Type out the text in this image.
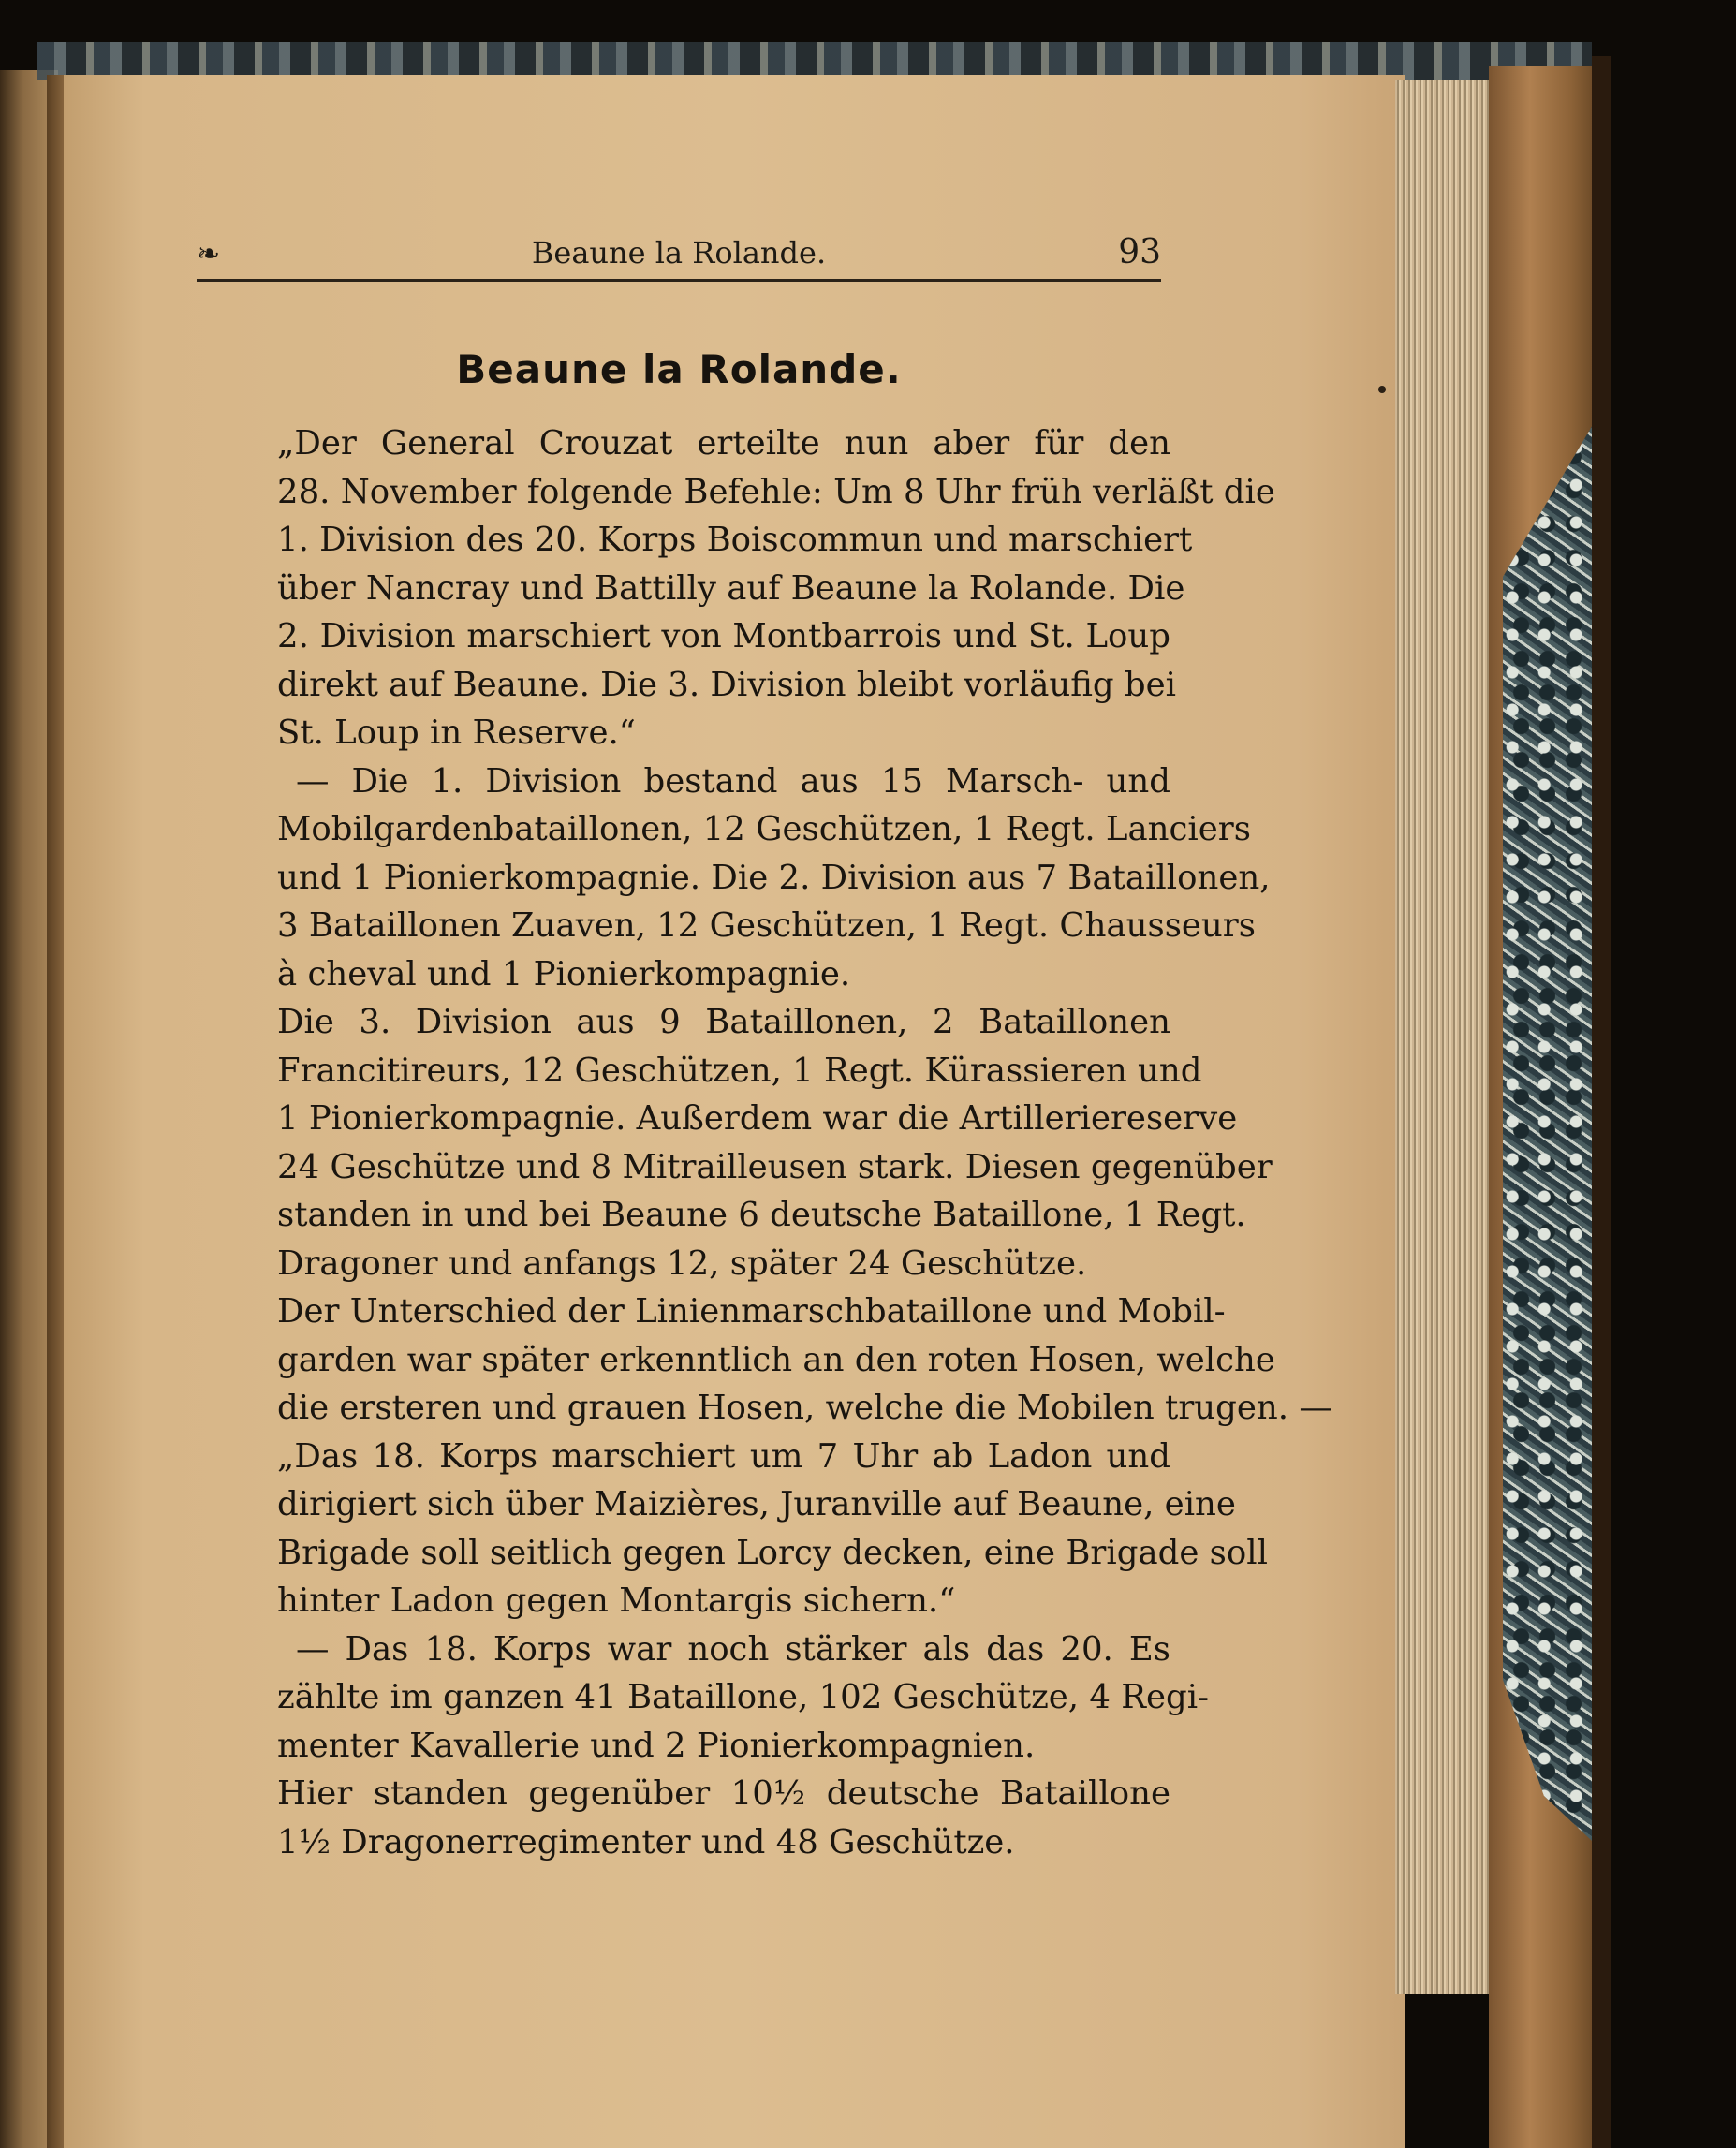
❧	Beaune la Rolande.	93
Beaune la Rolande.

„Der General Crouzat erteilte nun aber für den
28. November folgende Befehle: Um 8 Uhr früh verläßt die
1. Division des 20. Korps Boiscommun und marschiert
über Nancray und Battilly auf Beaune la Rolande. Die
2. Division marschiert von Montbarrois und St. Loup
direkt auf Beaune. Die 3. Division bleibt vorläufig bei
St. Loup in Reserve.“

— Die 1. Division bestand aus 15 Marsch- und
Mobilgardenbataillonen, 12 Geschützen, 1 Regt. Lanciers
und 1 Pionierkompagnie. Die 2. Division aus 7 Bataillonen,
3 Bataillonen Zuaven, 12 Geschützen, 1 Regt. Chausseurs
à cheval und 1 Pionierkompagnie.

Die 3. Division aus 9 Bataillonen, 2 Bataillonen
Francitireurs, 12 Geschützen, 1 Regt. Kürassieren und
1 Pionierkompagnie. Außerdem war die Artilleriereserve
24 Geschütze und 8 Mitrailleusen stark. Diesen gegenüber
standen in und bei Beaune 6 deutsche Bataillone, 1 Regt.
Dragoner und anfangs 12, später 24 Geschütze.

Der Unterschied der Linienmarschbataillone und Mobil-
garden war später erkenntlich an den roten Hosen, welche
die ersteren und grauen Hosen, welche die Mobilen trugen. —

„Das 18. Korps marschiert um 7 Uhr ab Ladon und
dirigiert sich über Maizières, Juranville auf Beaune, eine
Brigade soll seitlich gegen Lorcy decken, eine Brigade soll
hinter Ladon gegen Montargis sichern.“

— Das 18. Korps war noch stärker als das 20. Es
zählte im ganzen 41 Bataillone, 102 Geschütze, 4 Regi-
menter Kavallerie und 2 Pionierkompagnien.

Hier standen gegenüber 10½ deutsche Bataillone
1½ Dragonerregimenter und 48 Geschütze.
